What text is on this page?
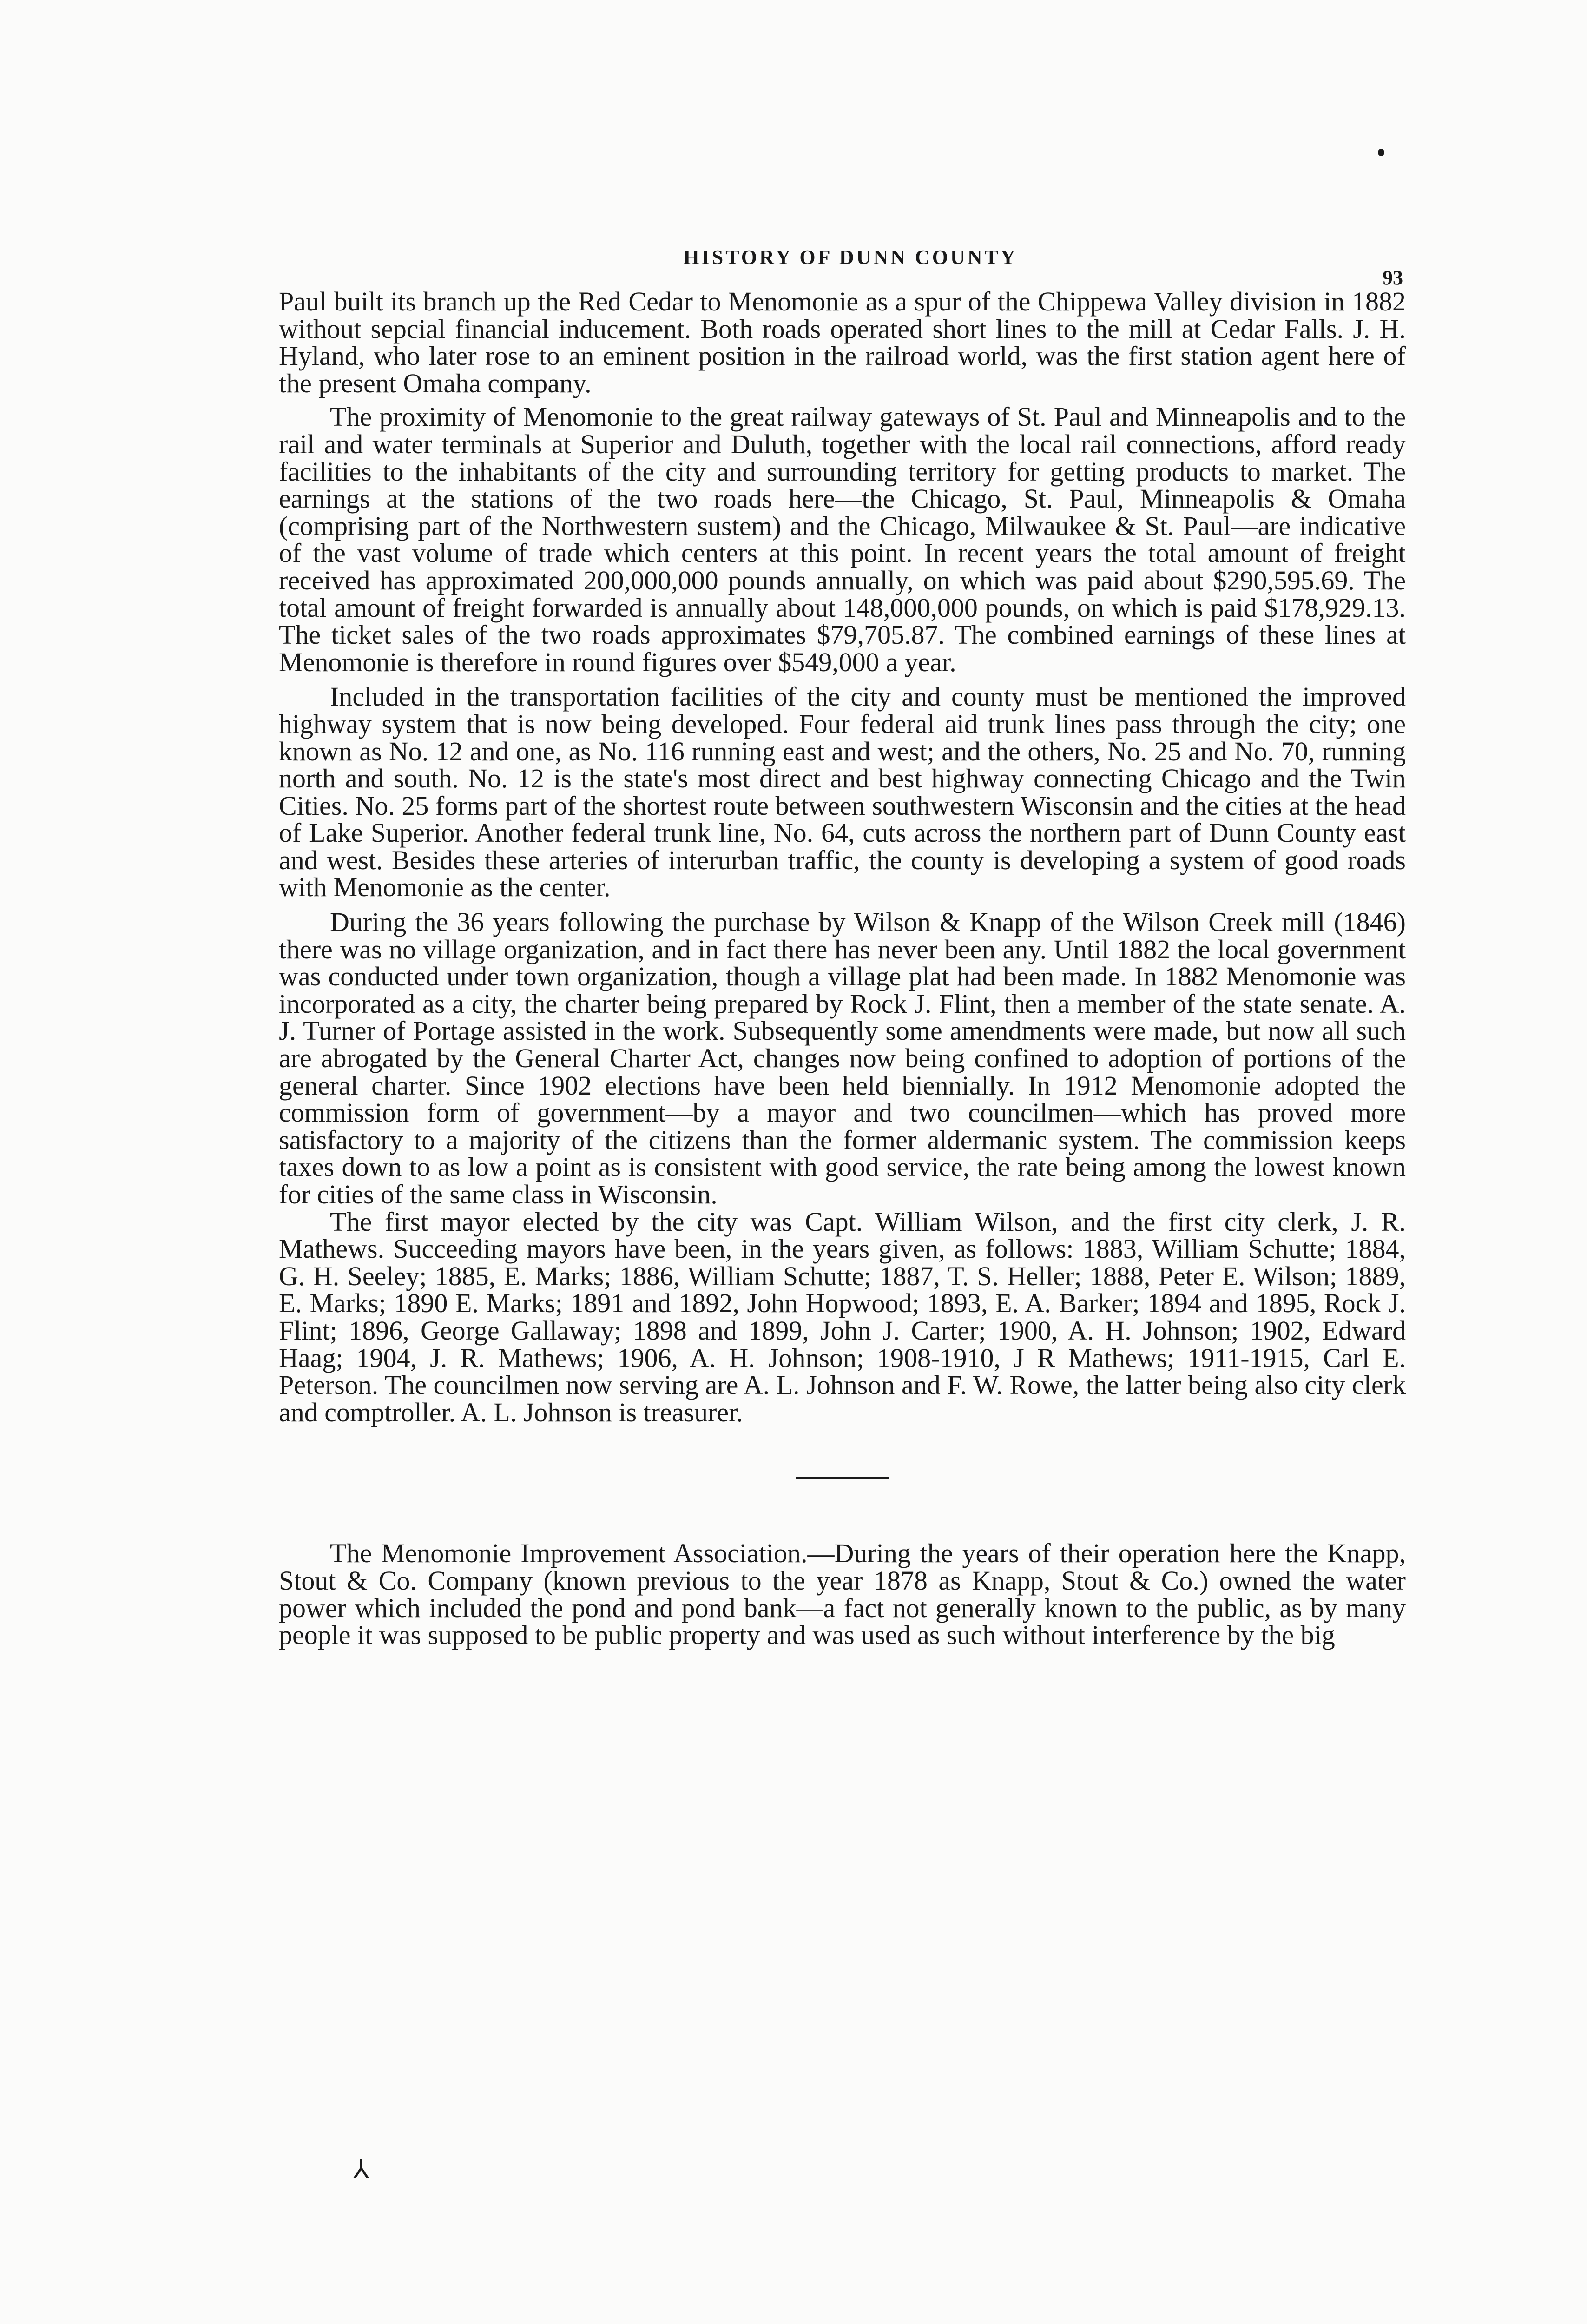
HISTORY OF DUNN COUNTY
93

Paul built its branch up the Red Cedar to Menomonie as a spur of the Chippewa Valley division in 1882 without sepcial financial inducement. Both roads operated short lines to the mill at Cedar Falls. J. H. Hyland, who later rose to an eminent position in the railroad world, was the first station agent here of the present Omaha company.

The proximity of Menomonie to the great railway gateways of St. Paul and Minneapolis and to the rail and water terminals at Superior and Duluth, together with the local rail connections, afford ready facilities to the inhabitants of the city and surrounding territory for getting products to market. The earnings at the stations of the two roads here—the Chicago, St. Paul, Minneapolis & Omaha (comprising part of the Northwestern sustem) and the Chicago, Milwaukee & St. Paul—are indicative of the vast volume of trade which centers at this point. In recent years the total amount of freight received has approximated 200,000,000 pounds annually, on which was paid about $290,595.69. The total amount of freight forwarded is annually about 148,000,000 pounds, on which is paid $178,929.13. The ticket sales of the two roads approximates $79,705.87. The combined earnings of these lines at Menomonie is therefore in round figures over $549,000 a year.

Included in the transportation facilities of the city and county must be mentioned the improved highway system that is now being developed. Four federal aid trunk lines pass through the city; one known as No. 12 and one, as No. 116 running east and west; and the others, No. 25 and No. 70, running north and south. No. 12 is the state's most direct and best highway connecting Chicago and the Twin Cities. No. 25 forms part of the shortest route between southwestern Wisconsin and the cities at the head of Lake Superior. Another federal trunk line, No. 64, cuts across the northern part of Dunn County east and west. Besides these arteries of interurban traffic, the county is developing a system of good roads with Menomonie as the center.

During the 36 years following the purchase by Wilson & Knapp of the Wilson Creek mill (1846) there was no village organization, and in fact there has never been any. Until 1882 the local government was conducted under town organization, though a village plat had been made. In 1882 Menomonie was incorporated as a city, the charter being prepared by Rock J. Flint, then a member of the state senate. A. J. Turner of Portage assisted in the work. Subsequently some amendments were made, but now all such are abrogated by the General Charter Act, changes now being confined to adoption of portions of the general charter. Since 1902 elections have been held biennially. In 1912 Menomonie adopted the commission form of government—by a mayor and two councilmen—which has proved more satisfactory to a majority of the citizens than the former aldermanic system. The commission keeps taxes down to as low a point as is consistent with good service, the rate being among the lowest known for cities of the same class in Wisconsin.

The first mayor elected by the city was Capt. William Wilson, and the first city clerk, J. R. Mathews. Succeeding mayors have been, in the years given, as follows: 1883, William Schutte; 1884, G. H. Seeley; 1885, E. Marks; 1886, William Schutte; 1887, T. S. Heller; 1888, Peter E. Wilson; 1889, E. Marks; 1890 E. Marks; 1891 and 1892, John Hopwood; 1893, E. A. Barker; 1894 and 1895, Rock J. Flint; 1896, George Gallaway; 1898 and 1899, John J. Carter; 1900, A. H. Johnson; 1902, Edward Haag; 1904, J. R. Mathews; 1906, A. H. Johnson; 1908-1910, J R Mathews; 1911-1915, Carl E. Peterson. The councilmen now serving are A. L. Johnson and F. W. Rowe, the latter being also city clerk and comptroller. A. L. Johnson is treasurer.

The Menomonie Improvement Association.—During the years of their operation here the Knapp, Stout & Co. Company (known previous to the year 1878 as Knapp, Stout & Co.) owned the water power which included the pond and pond bank—a fact not generally known to the public, as by many people it was supposed to be public property and was used as such without interference by the big

⅄
